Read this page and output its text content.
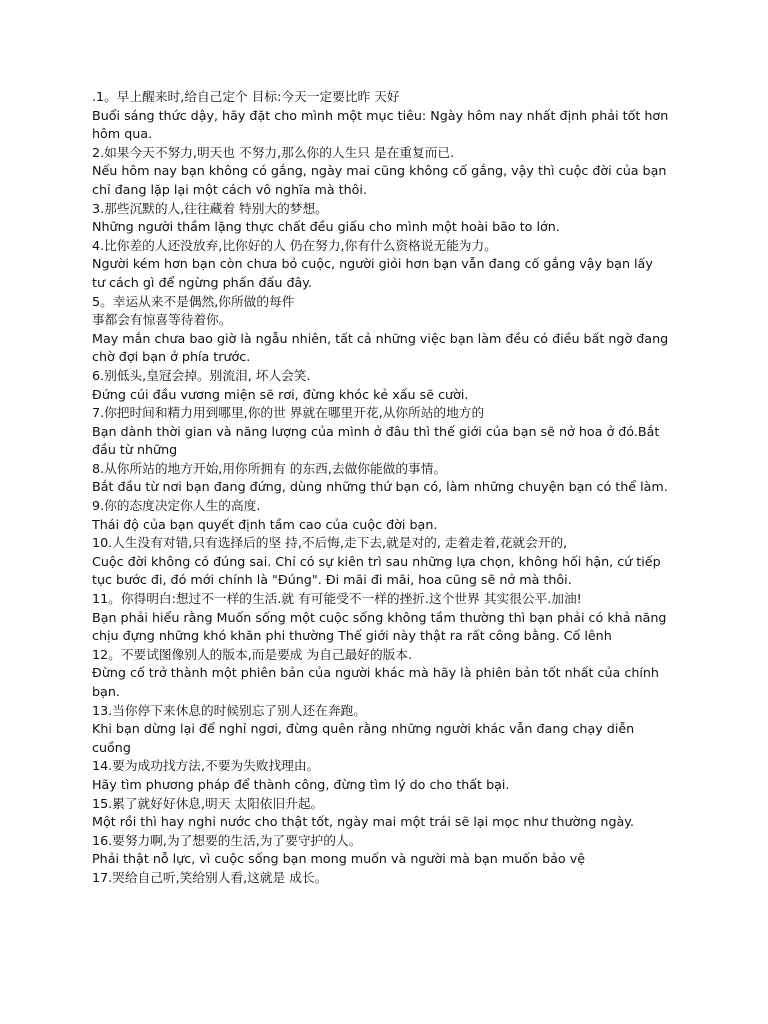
.1。早上醒来时,给自己定个 目标:今天一定要比昨 天好

Buổi sáng thức dậy, hãy đặt cho mình một mục tiêu: Ngày hôm nay nhất định phải tốt hơn

hôm qua.

2.如果今天不努力,明天也 不努力,那么你的人生只 是在重复而已.

Nếu hôm nay bạn không có gắng, ngày mai cũng không cố gắng, vậy thì cuộc đời của bạn

chỉ đang lặp lại một cách vô nghĩa mà thôi.

3.那些沉默的人,往往藏着 特别大的梦想。

Những người thầm lặng thực chất đều giấu cho mình một hoài bão to lớn.

4.比你差的人还没放弃,比你好的人 仍在努力,你有什么资格说无能为力。

Người kém hơn bạn còn chưa bỏ cuộc, người giỏi hơn bạn vẫn đang cố gắng vậy bạn lấy

tư cách gì để ngừng phấn đấu đây.

5。幸运从来不是偶然,你所做的每件
事都会有惊喜等待着你。

May mắn chưa bao giờ là ngẫu nhiên, tất cả những việc bạn làm đều có điều bất ngờ đang

chờ đợi bạn ở phía trước.

6.别低头,皇冠会掉。别流泪, 坏人会笑.

Đứng cúi đầu vương miện sẽ rơi, đừng khóc kẻ xấu sẽ cười.

7.你把时间和精力用到哪里,你的世 界就在哪里开花,从你所站的地方的

Bạn dành thời gian và năng lượng của mình ở đâu thì thế giới của bạn sẽ nở hoa ở đó.Bắt

đầu từ những

8.从你所站的地方开始,用你所拥有 的东西,去做你能做的事情。

Bắt đầu từ nơi bạn đang đứng, dùng những thứ bạn có, làm những chuyện bạn có thể làm.

9.你的态度决定你人生的高度.

Thái độ của bạn quyết định tầm cao của cuộc đời bạn.

10.人生没有对错,只有选择后的坚 持,不后悔,走下去,就是对的, 走着走着,花就会开的,

Cuộc đời không có đúng sai. Chỉ có sự kiên trì sau những lựa chọn, không hối hận, cứ tiếp

tục bước đi, đó mới chính là "Đúng". Đi mãi đi mãi, hoa cũng sẽ nở mà thôi.

11。你得明白:想过不一样的生活.就 有可能受不一样的挫折.这个世界 其实很公平.加油!

Bạn phải hiểu rằng Muốn sống một cuộc sống không tầm thường thì bạn phải có khả năng

chịu đựng những khó khăn phi thường Thế giới này thật ra rất công bằng. Cố lênh

12。不要试图像别人的版本,而是要成 为自己最好的版本.

Đừng cố trở thành một phiên bản của người khác mà hãy là phiên bản tốt nhất của chính

bạn.

13.当你停下来休息的时候别忘了别人还在奔跑。

Khi bạn dừng lại để nghỉ ngơi, đừng quên rằng những người khác vẫn đang chạy diễn

cuồng

14.要为成功找方法,不要为失败找理由。

Hãy tìm phương pháp để thành công, đừng tìm lý do cho thất bại.

15.累了就好好休息,明天 太阳依旧升起。

Một rồi thì hay nghi nước cho thật tốt, ngày mai một trái sẽ lại mọc như thường ngày.

16.要努力啊,为了想要的生活,为了要守护的人。

Phải thật nỗ lực, vì cuộc sống bạn mong muốn và người mà bạn muốn bảo vệ

17.哭给自己听,笑给别人看,这就是 成长。
